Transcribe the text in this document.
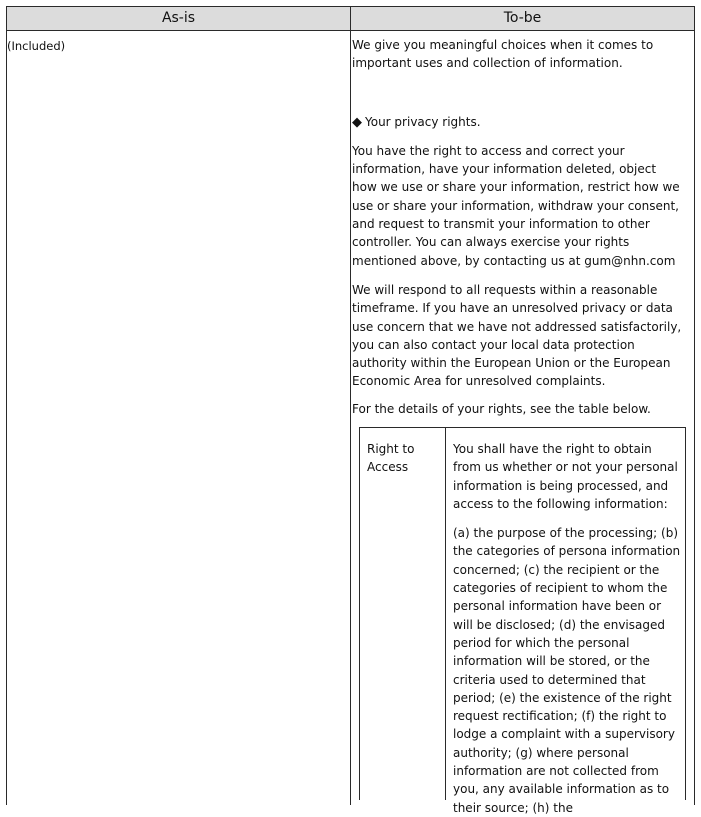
As-is	To-be
(Included)	We give you meaningful choices when it comes to important uses and collection of information.

◆ Your privacy rights.

You have the right to access and correct your information, have your information deleted, object how we use or share your information, restrict how we use or share your information, withdraw your consent, and request to transmit your information to other controller. You can always exercise your rights mentioned above, by contacting us at gum@nhn.com

We will respond to all requests within a reasonable timeframe. If you have an unresolved privacy or data use concern that we have not addressed satisfactorily, you can also contact your local data protection authority within the European Union or the European Economic Area for unresolved complaints.

For the details of your rights, see the table below.

Right to Access

You shall have the right to obtain from us whether or not your personal information is being processed, and access to the following information:

(a) the purpose of the processing; (b) the categories of persona information concerned; (c) the recipient or the categories of recipient to whom the personal information have been or will be disclosed; (d) the envisaged period for which the personal information will be stored, or the criteria used to determined that period; (e) the existence of the right request rectification; (f) the right to lodge a complaint with a supervisory authority; (g) where personal information are not collected from you, any available information as to their source; (h) the
